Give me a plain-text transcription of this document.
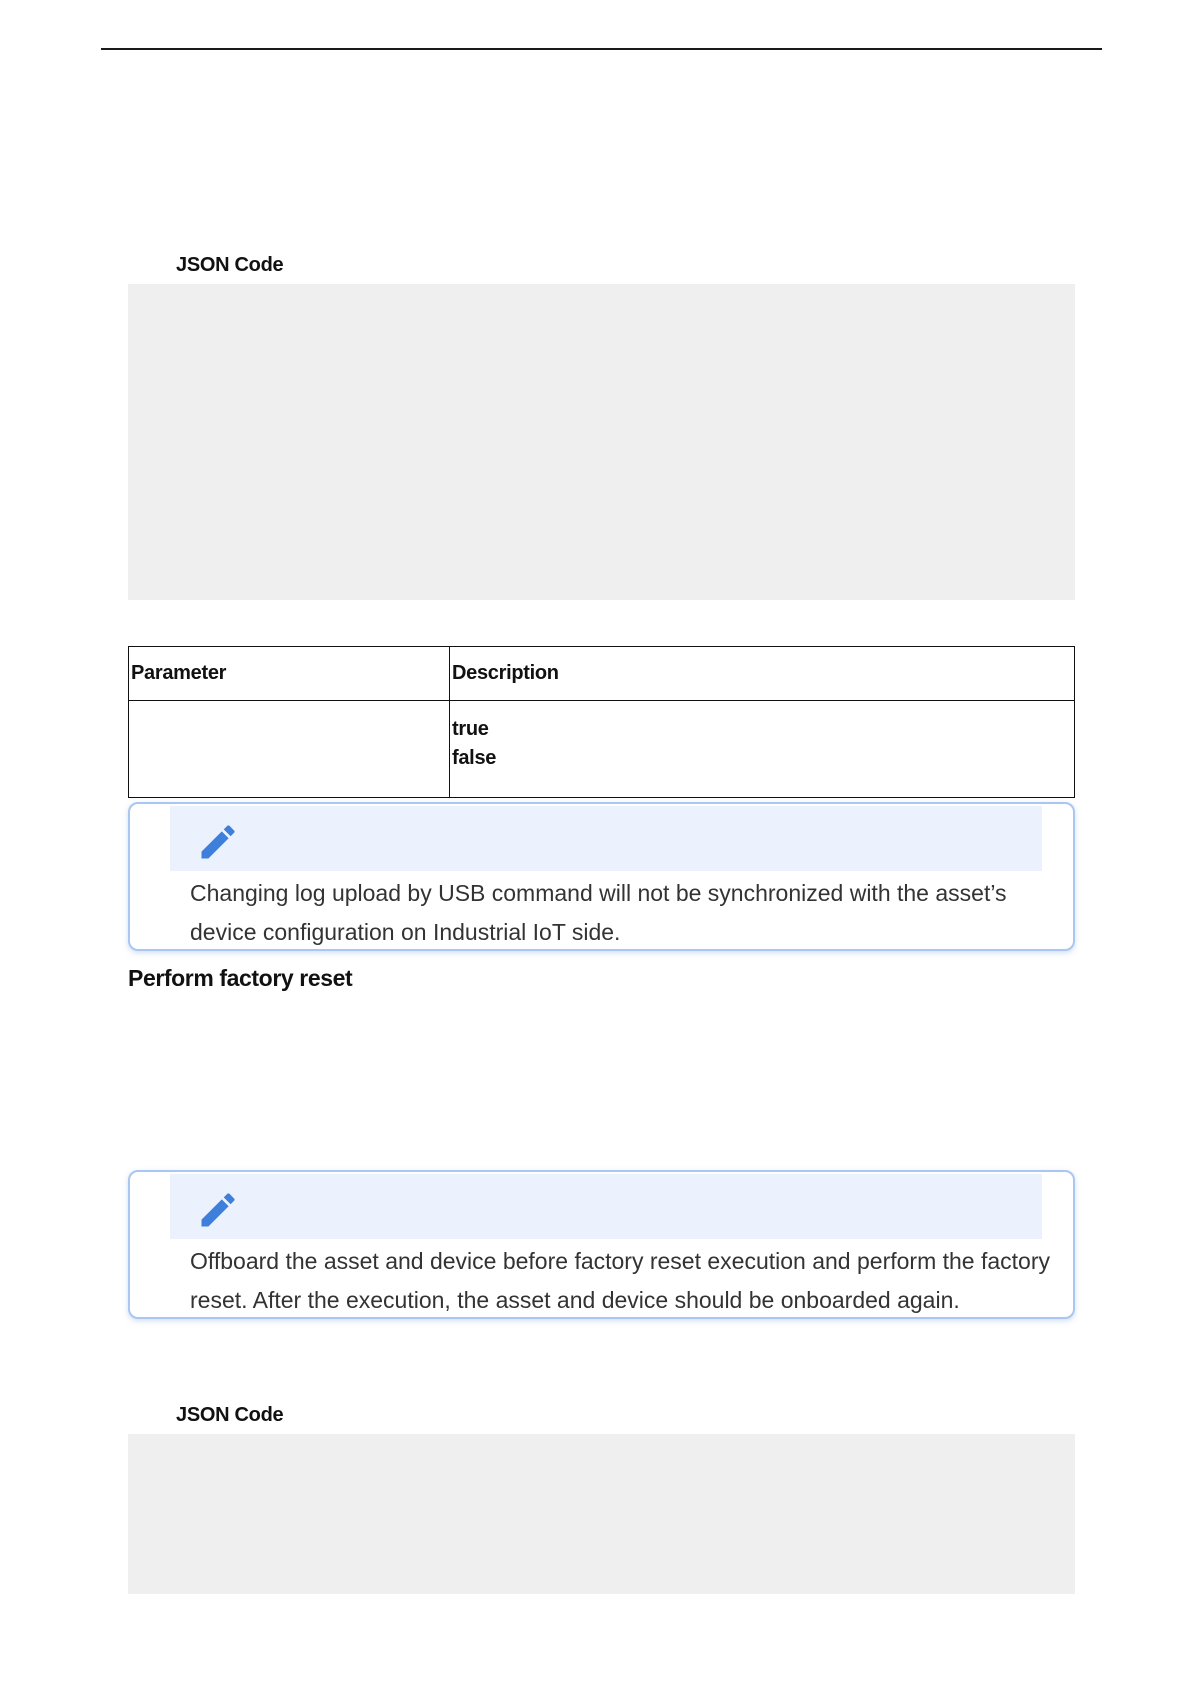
JSON Code
Parameter	Description

	true
false
Changing log upload by USB command will not be synchronized with the asset’s device configuration on Industrial IoT side.
Perform factory reset
Offboard the asset and device before factory reset execution and perform the factory reset. After the execution, the asset and device should be onboarded again.
JSON Code
